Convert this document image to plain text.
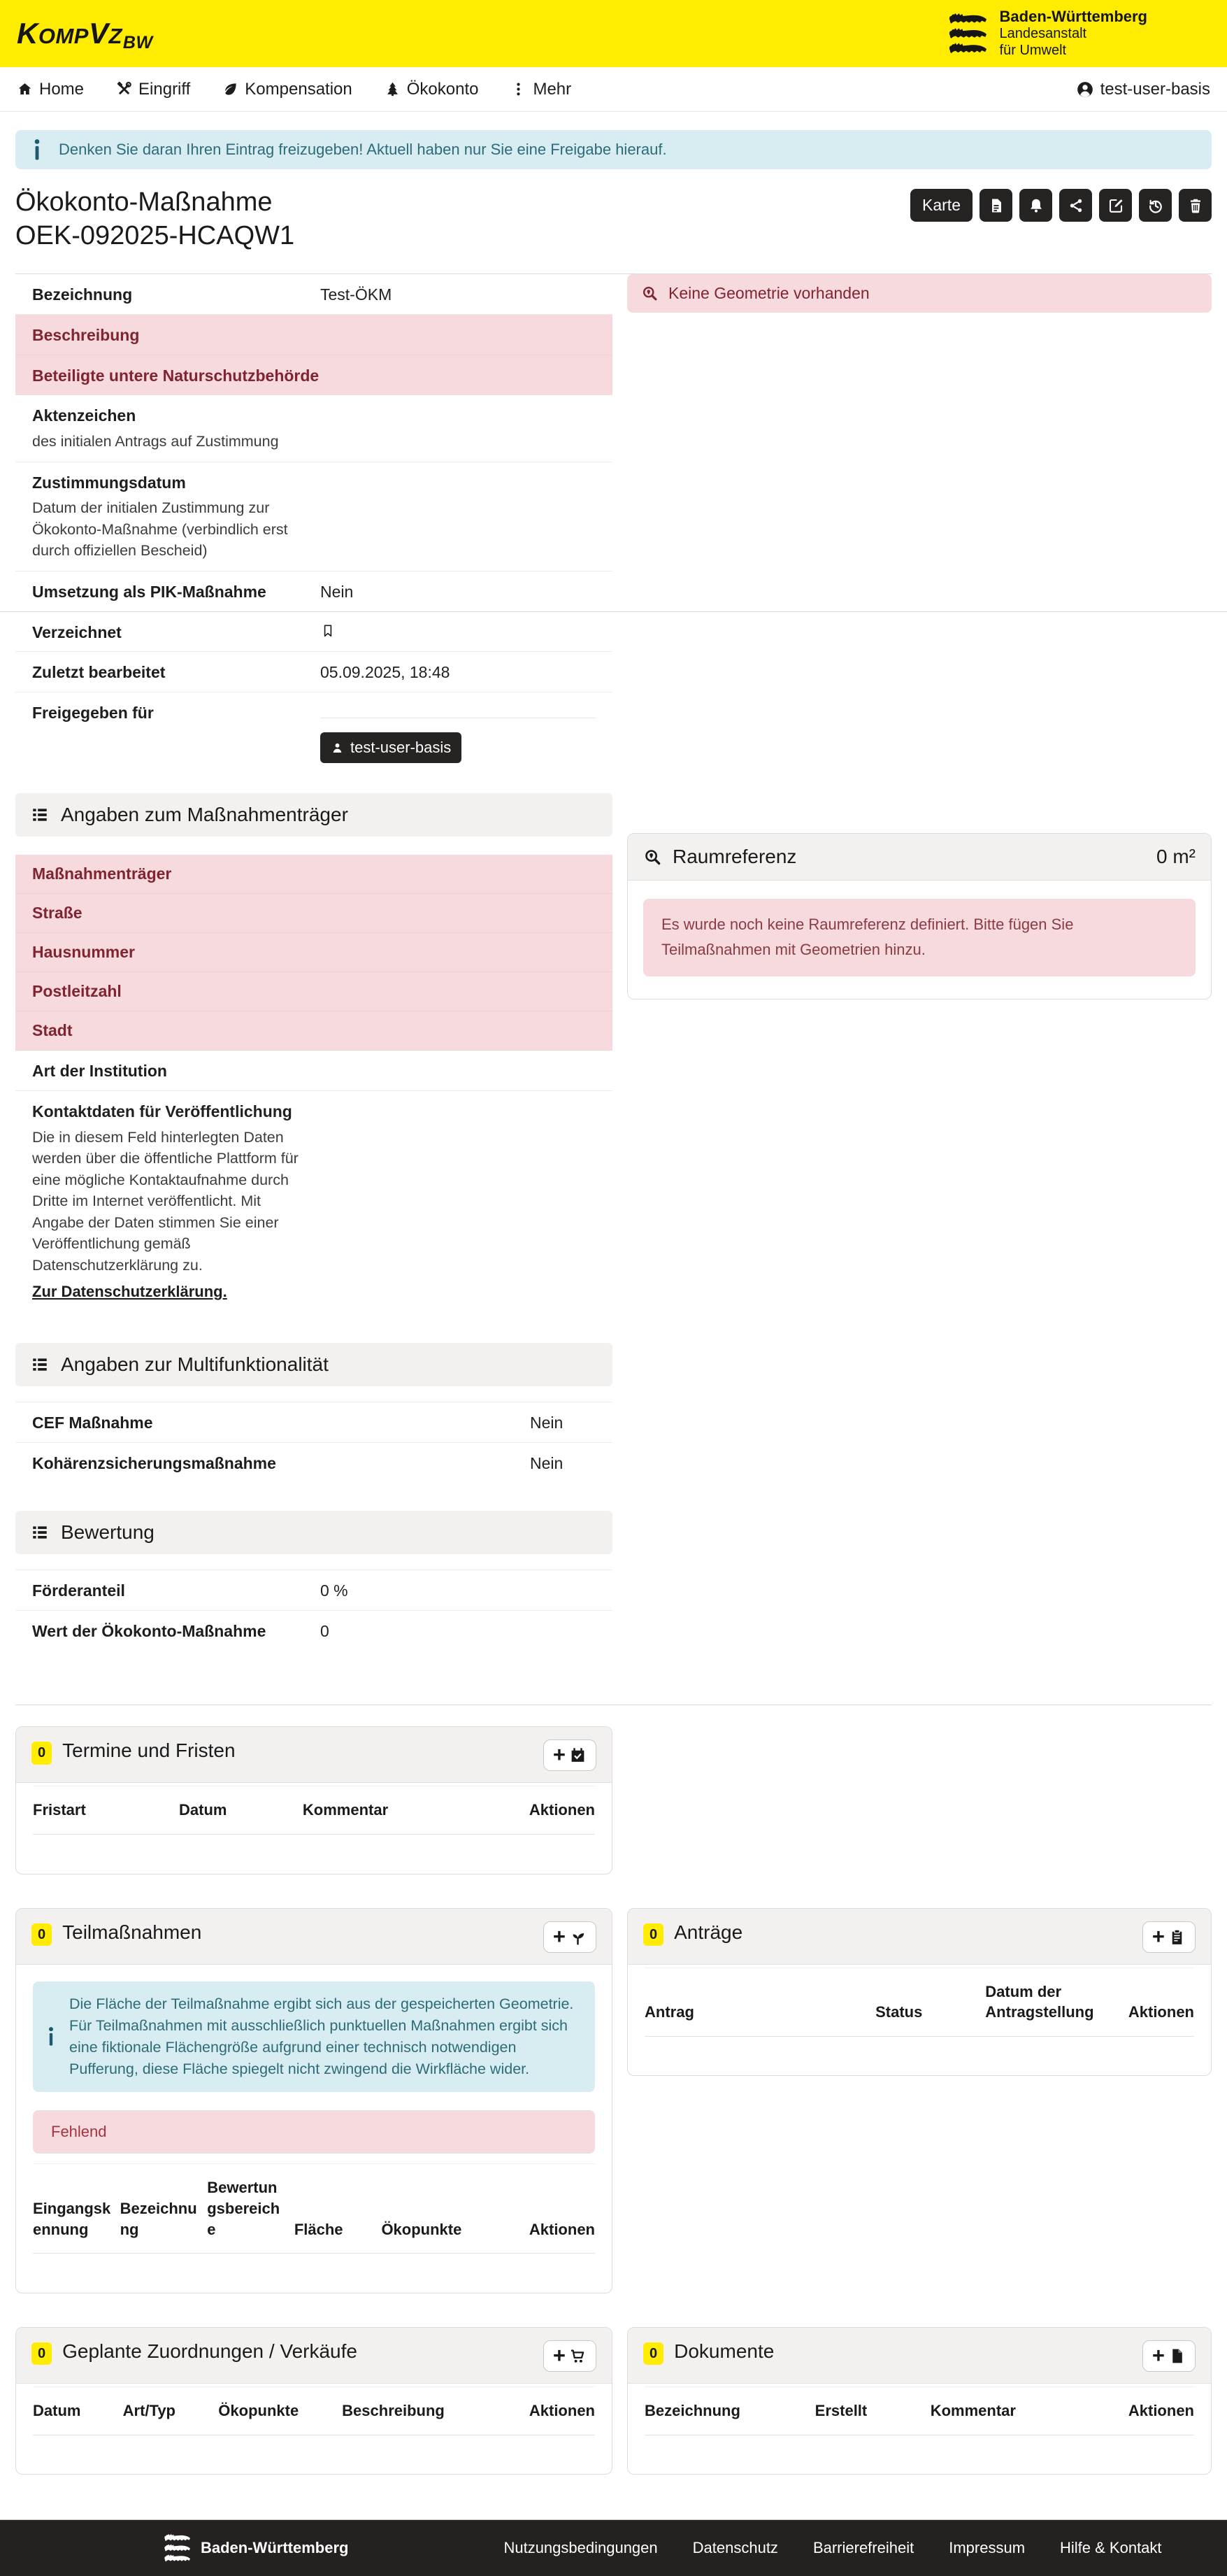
KOMPVZBW
Baden-Württemberg
Landesanstalt
für Umwelt
Home	Eingriff	Kompensation	Ökokonto	Mehr	test-user-basis
Denken Sie daran Ihren Eintrag freizugeben! Aktuell haben nur Sie eine Freigabe hierauf.
Ökokonto-Maßnahme
OEK-092025-HCAQW1
Karte
Bezeichnung	Test-ÖKM
Beschreibung
Beteiligte untere Naturschutzbehörde
Aktenzeichen
des initialen Antrags auf Zustimmung
Zustimmungsdatum
Datum der initialen Zustimmung zur Ökokonto-Maßnahme (verbindlich erst durch offiziellen Bescheid)
Umsetzung als PIK-Maßnahme	Nein
Verzeichnet
Zuletzt bearbeitet	05.09.2025, 18:48
Freigegeben für
test-user-basis
Angaben zum Maßnahmenträger
Maßnahmenträger
Straße
Hausnummer
Postleitzahl
Stadt
Art der Institution
Kontaktdaten für Veröffentlichung

Die in diesem Feld hinterlegten Daten werden über die öffentliche Plattform für eine mögliche Kontaktaufnahme durch Dritte im Internet veröffentlicht. Mit Angabe der Daten stimmen Sie einer Veröffentlichung gemäß Datenschutzerklärung zu.

Zur Datenschutzerklärung.
Angaben zur Multifunktionalität
CEF Maßnahme	Nein
Kohärenzsicherungsmaßnahme	Nein
Bewertung
Förderanteil	0 %
Wert der Ökokonto-Maßnahme	0
Keine Geometrie vorhanden
Raumreferenz	0 m²
Es wurde noch keine Raumreferenz definiert. Bitte fügen Sie Teilmaßnahmen mit Geometrien hinzu.
0 Termine und Fristen	+
Fristart	Datum	Kommentar	Aktionen

0 Teilmaßnahmen	+
Die Fläche der Teilmaßnahme ergibt sich aus der gespeicherten Geometrie. Für Teilmaßnahmen mit ausschließlich punktuellen Maßnahmen ergibt sich eine fiktionale Flächengröße aufgrund einer technisch notwendigen Pufferung, diese Fläche spiegelt nicht zwingend die Wirkfläche wider.
Fehlend
Eingangskennung	Bezeichnung	Bewertungsbereiche	Fläche	Ökopunkte	Aktionen

0 Anträge	+
Antrag	Status	Datum der Antragstellung	Aktionen

0 Geplante Zuordnungen / Verkäufe	+
Datum	Art/Typ	Ökopunkte	Beschreibung	Aktionen

0 Dokumente	+
Bezeichnung	Erstellt	Kommentar	Aktionen

Baden-Württemberg	Nutzungsbedingungen Datenschutz Barrierefreiheit Impressum Hilfe & Kontakt
